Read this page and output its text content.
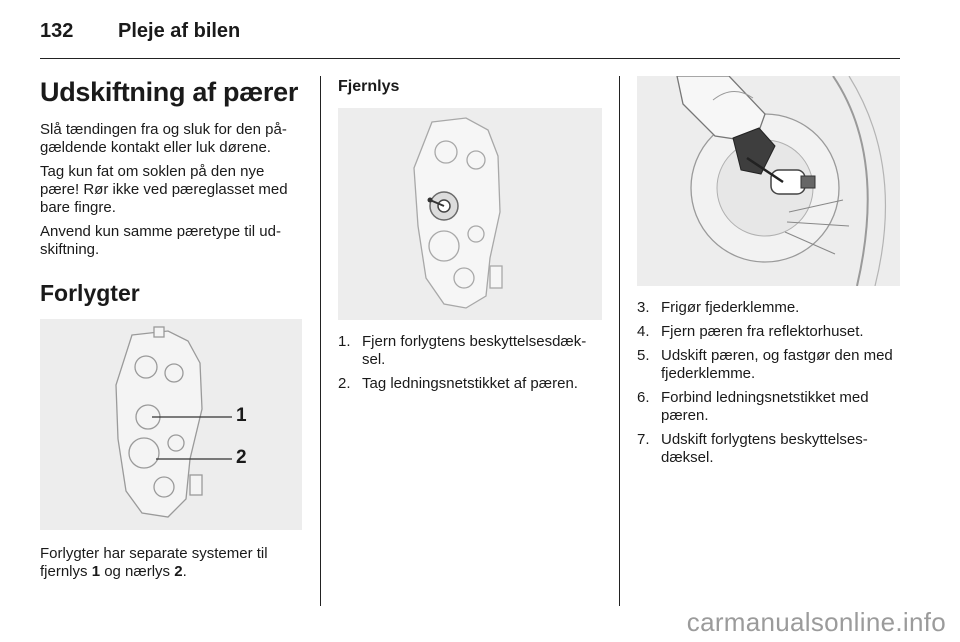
132 Pleje af bilen
Udskiftning af pærer

Slå tændingen fra og sluk for den på-gældende kontakt eller luk dørene.

Tag kun fat om soklen på den nye pære! Rør ikke ved pæreglasset med bare fingre.

Anvend kun samme pæretype til ud-skiftning.

Forlygter
1
2

Forlygter har separate systemer til fjernlys 1 og nærlys 2.

Fjernlys
1. Fjern forlygtens beskyttelsesdæk-sel.
2. Tag ledningsnetstikket af pæren.
3. Frigør fjederklemme.
4. Fjern pæren fra reflektorhuset.
5. Udskift pæren, og fastgør den med fjederklemme.
6. Forbind ledningsnetstikket med pæren.
7. Udskift forlygtens beskyttelses-dæksel.
carmanualsonline.info
